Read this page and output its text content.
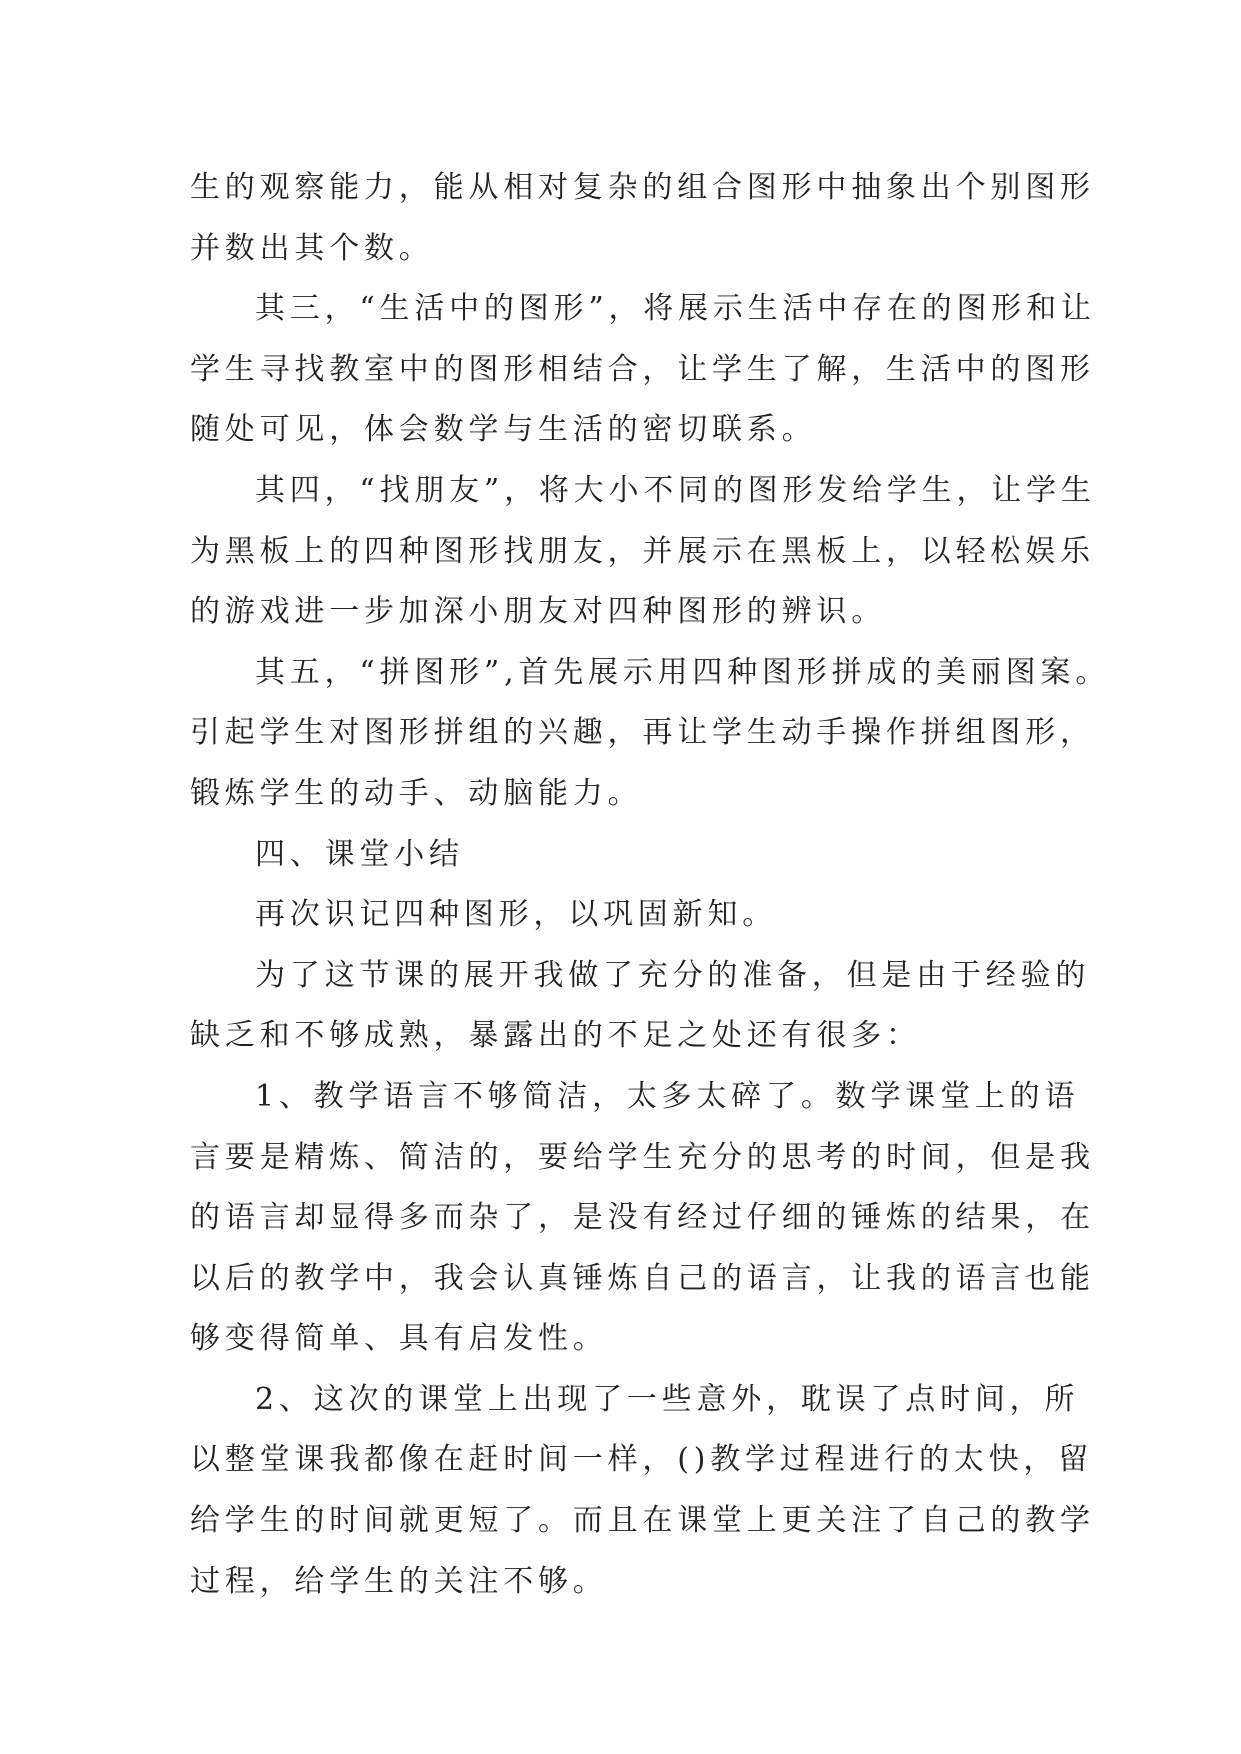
生的观察能力，能从相对复杂的组合图形中抽象出个别图形
并数出其个数。
其三，“生活中的图形”，将展示生活中存在的图形和让
学生寻找教室中的图形相结合，让学生了解，生活中的图形
随处可见，体会数学与生活的密切联系。
其四，“找朋友”，将大小不同的图形发给学生，让学生
为黑板上的四种图形找朋友，并展示在黑板上，以轻松娱乐
的游戏进一步加深小朋友对四种图形的辨识。
其五，“拼图形”,首先展示用四种图形拼成的美丽图案。
引起学生对图形拼组的兴趣，再让学生动手操作拼组图形，
锻炼学生的动手、动脑能力。
四、课堂小结
再次识记四种图形，以巩固新知。
为了这节课的展开我做了充分的准备，但是由于经验的
缺乏和不够成熟，暴露出的不足之处还有很多：
1、教学语言不够简洁，太多太碎了。数学课堂上的语
言要是精炼、简洁的，要给学生充分的思考的时间，但是我
的语言却显得多而杂了，是没有经过仔细的锤炼的结果，在
以后的教学中，我会认真锤炼自己的语言，让我的语言也能
够变得简单、具有启发性。
2、这次的课堂上出现了一些意外，耽误了点时间，所
以整堂课我都像在赶时间一样，()教学过程进行的太快，留
给学生的时间就更短了。而且在课堂上更关注了自己的教学
过程，给学生的关注不够。
